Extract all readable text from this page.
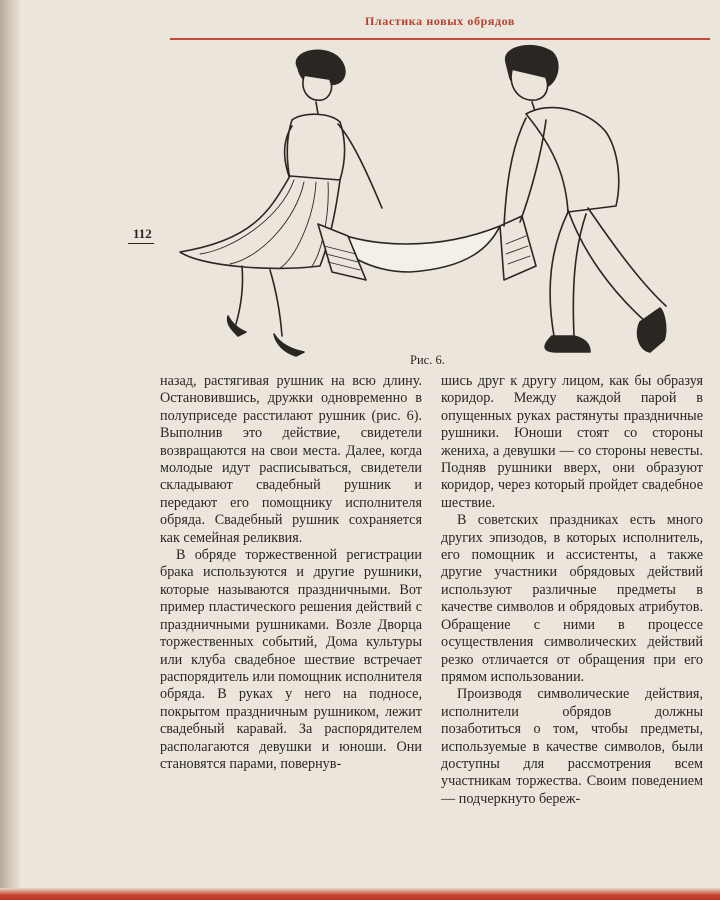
Пластика новых обрядов
112
Рис. 6.

назад, растягивая рушник на всю длину. Остановившись, дружки одновременно в полуприседе расстилают рушник (рис. 6). Выполнив это действие, свидетели возвращаются на свои места. Далее, когда молодые идут расписываться, свидетели складывают свадебный рушник и передают его помощнику исполнителя обряда. Свадебный рушник сохраняется как семейная реликвия.

В обряде торжественной регистрации брака используются и другие рушники, которые называются праздничными. Вот пример пластического решения действий с праздничными рушниками. Возле Дворца торжественных событий, Дома культуры или клуба свадебное шествие встречает распорядитель или помощник исполнителя обряда. В руках у него на подносе, покрытом праздничным рушником, лежит свадебный каравай. За распорядителем располагаются девушки и юноши. Они становятся парами, повернув-

шись друг к другу лицом, как бы образуя коридор. Между каждой парой в опущенных руках растянуты праздничные рушники. Юноши стоят со стороны жениха, а девушки — со стороны невесты. Подняв рушники вверх, они образуют коридор, через который пройдет свадебное шествие.

В советских праздниках есть много других эпизодов, в которых исполнитель, его помощник и ассистенты, а также другие участники обрядовых действий используют различные предметы в качестве символов и обрядовых атрибутов. Обращение с ними в процессе осуществления символических действий резко отличается от обращения при его прямом использовании.

Производя символические действия, исполнители обрядов должны позаботиться о том, чтобы предметы, используемые в качестве символов, были доступны для рассмотрения всем участникам торжества. Своим поведением — подчеркнуто береж-
